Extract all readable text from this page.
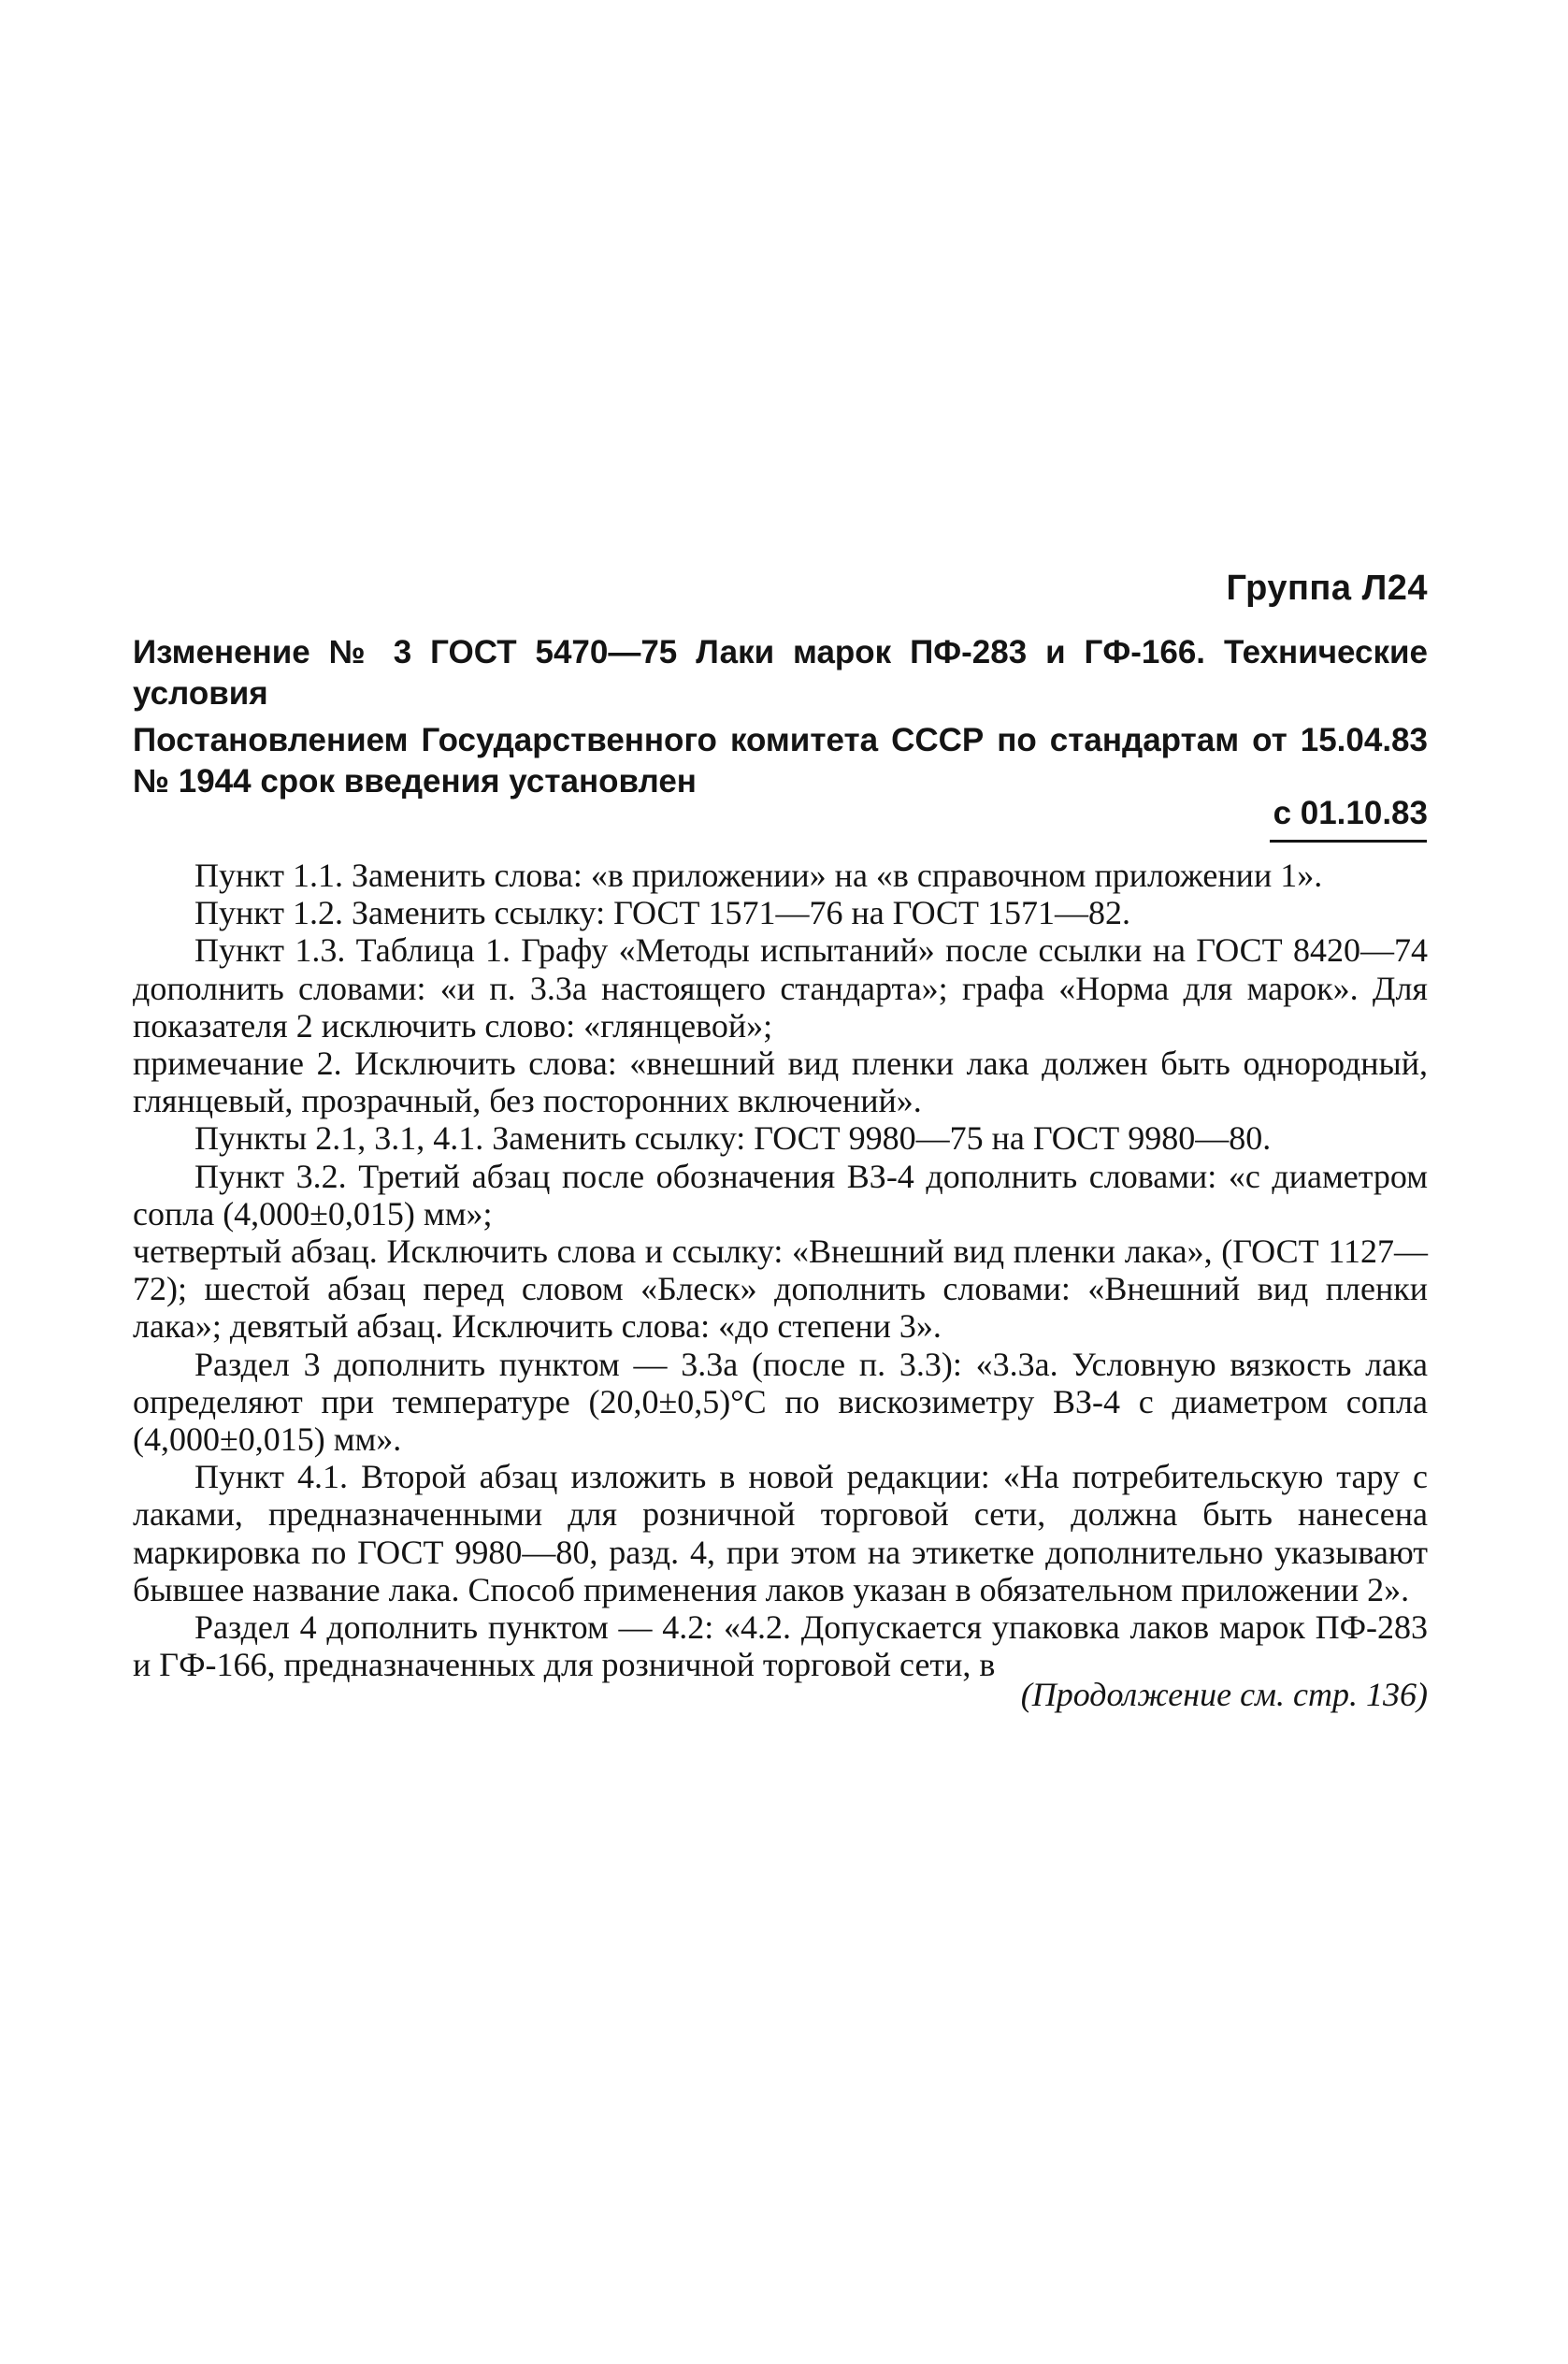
Группа Л24
Изменение № 3 ГОСТ 5470—75 Лаки марок ПФ-283 и ГФ-166. Технические условия
Постановлением Государственного комитета СССР по стандартам от 15.04.83 № 1944 срок введения установлен
с 01.10.83

Пункт 1.1. Заменить слова: «в приложении» на «в справочном приложении 1».

Пункт 1.2. Заменить ссылку: ГОСТ 1571—76 на ГОСТ 1571—82.

Пункт 1.3. Таблица 1. Графу «Методы испытаний» после ссылки на ГОСТ 8420—74 дополнить словами: «и п. 3.3а настоящего стандарта»; графа «Норма для марок». Для показателя 2 исключить слово: «глянцевой»;

примечание 2. Исключить слова: «внешний вид пленки лака должен быть однородный, глянцевый, прозрачный, без посторонних включений».

Пункты 2.1, 3.1, 4.1. Заменить ссылку: ГОСТ 9980—75 на ГОСТ 9980—80.

Пункт 3.2. Третий абзац после обозначения ВЗ-4 дополнить словами: «с диаметром сопла (4,000±0,015) мм»;

четвертый абзац. Исключить слова и ссылку: «Внешний вид пленки лака», (ГОСТ 1127—72); шестой абзац перед словом «Блеск» дополнить словами: «Внешний вид пленки лака»; девятый абзац. Исключить слова: «до степени 3».

Раздел 3 дополнить пунктом — 3.3а (после п. 3.3): «3.3а. Условную вязкость лака определяют при температуре (20,0±0,5)°С по вискозиметру ВЗ-4 с диаметром сопла (4,000±0,015) мм».

Пункт 4.1. Второй абзац изложить в новой редакции: «На потребительскую тару с лаками, предназначенными для розничной торговой сети, должна быть нанесена маркировка по ГОСТ 9980—80, разд. 4, при этом на этикетке дополнительно указывают бывшее название лака. Способ применения лаков указан в обязательном приложении 2».

Раздел 4 дополнить пунктом — 4.2: «4.2. Допускается упаковка лаков марок ПФ-283 и ГФ-166, предназначенных для розничной торговой сети, в

(Продолжение см. стр. 136)
